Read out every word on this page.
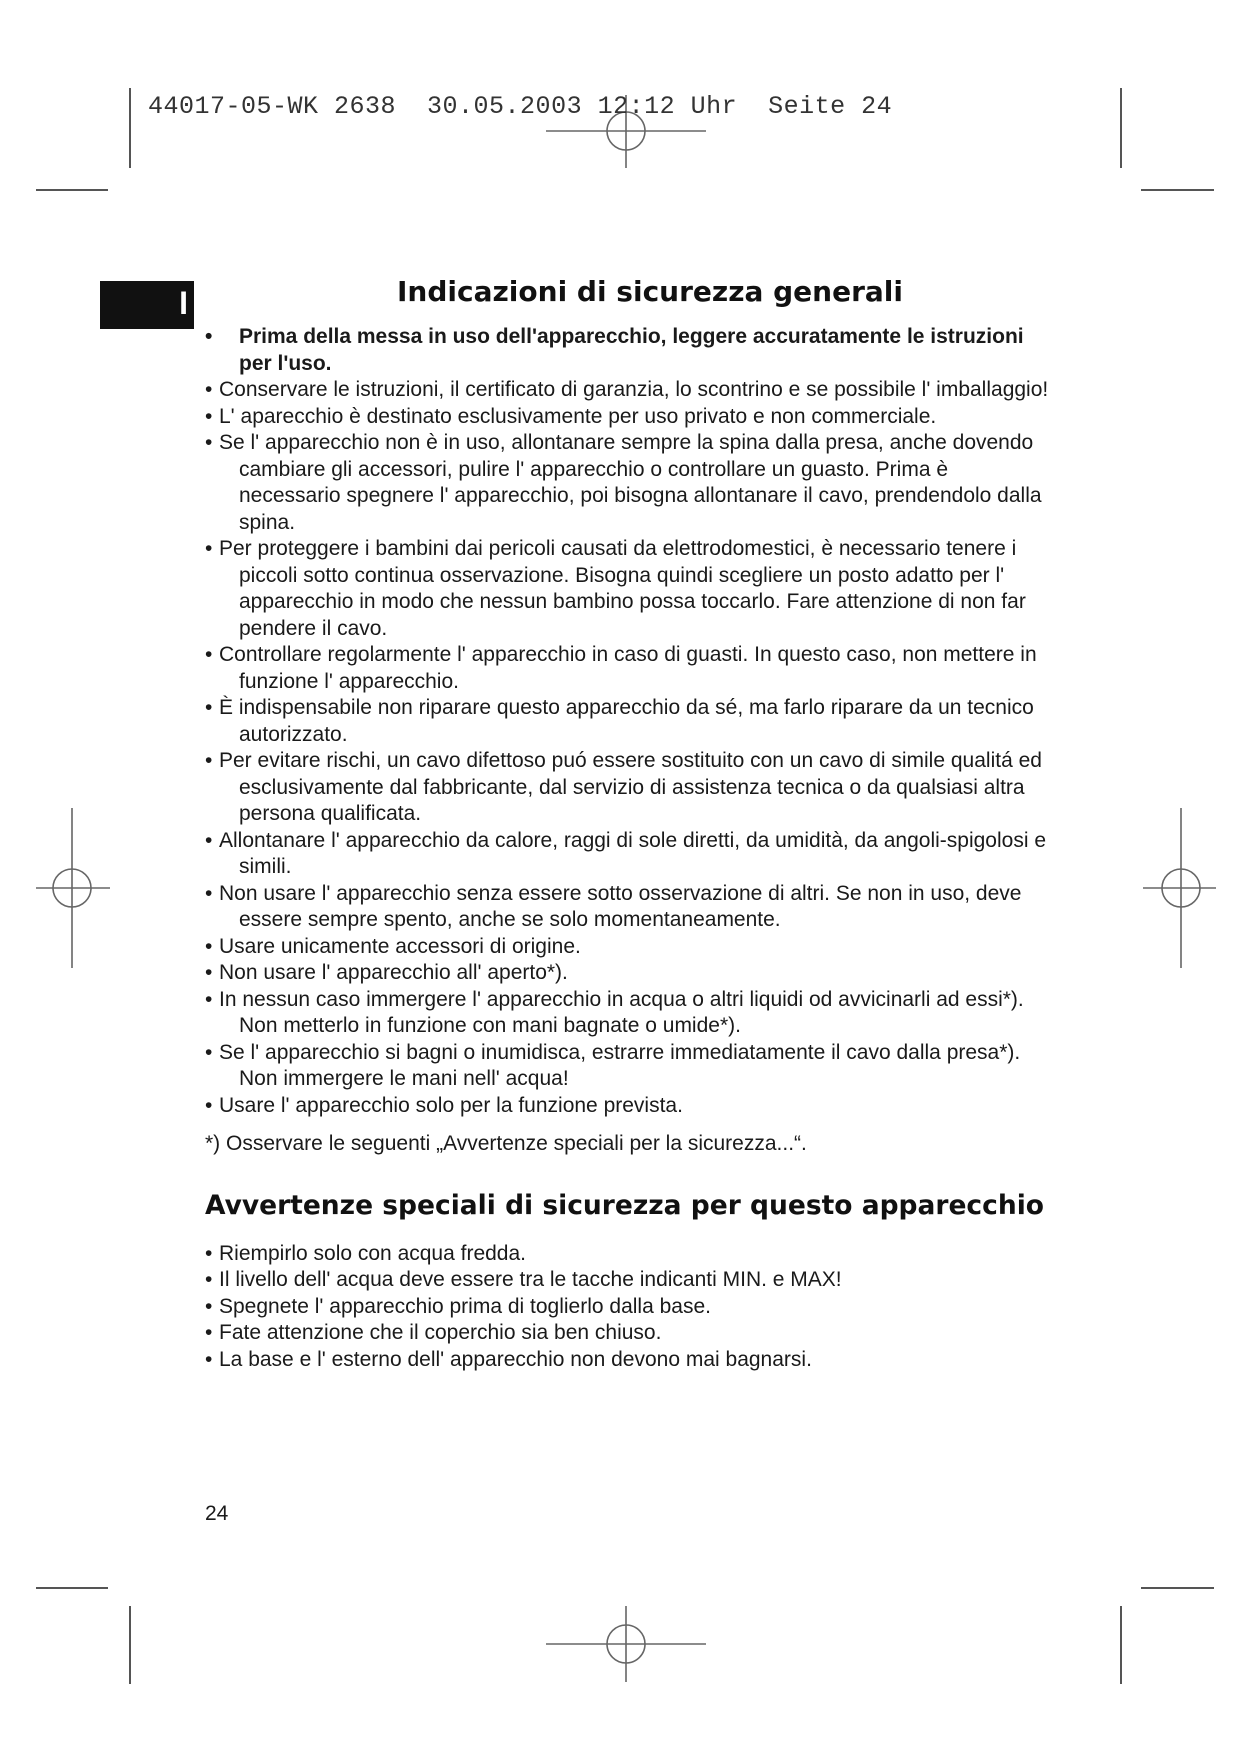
44017-05-WK 2638  30.05.2003 12:12 Uhr  Seite 24
I	Indicazioni di sicurezza generali
• Prima della messa in uso dell'apparecchio, leggere accuratamente le istruzioni per l'uso.
• Conservare le istruzioni, il certificato di garanzia, lo scontrino e se possibile l' imballaggio!
• L' aparecchio è destinato esclusivamente per uso privato e non commerciale.
• Se l' apparecchio non è in uso, allontanare sempre la spina dalla presa, anche dovendo cambiare gli accessori, pulire l' apparecchio o controllare un guasto. Prima è necessario spegnere l' apparecchio, poi bisogna allontanare il cavo, prendendolo dalla spina.
• Per proteggere i bambini dai pericoli causati da elettrodomestici, è necessario tenere i piccoli sotto continua osservazione. Bisogna quindi scegliere un posto adatto per l' apparecchio in modo che nessun bambino possa toccarlo. Fare attenzione di non far pendere il cavo.
• Controllare regolarmente l' apparecchio in caso di guasti. In questo caso, non mettere in funzione l' apparecchio.
• È indispensabile non riparare questo apparecchio da sé, ma farlo riparare da un tecnico autorizzato.
• Per evitare rischi, un cavo difettoso puó essere sostituito con un cavo di simile qualitá ed esclusivamente dal fabbricante, dal servizio di assistenza tecnica o da qualsiasi altra persona qualificata.
• Allontanare l' apparecchio da calore, raggi di sole diretti, da umidità, da angoli-spigolosi e simili.
• Non usare l' apparecchio senza essere sotto osservazione di altri. Se non in uso, deve essere sempre spento, anche se solo momentaneamente.
• Usare unicamente accessori di origine.
• Non usare l' apparecchio all' aperto*).
• In nessun caso immergere l' apparecchio in acqua o altri liquidi od avvicinarli ad essi*). Non metterlo in funzione con mani bagnate o umide*).
• Se l' apparecchio si bagni o inumidisca, estrarre immediatamente il cavo dalla presa*). Non immergere le mani nell' acqua!
• Usare l' apparecchio solo per la funzione prevista.
*) Osservare le seguenti „Avvertenze speciali per la sicurezza...“.
Avvertenze speciali di sicurezza per questo apparecchio
• Riempirlo solo con acqua fredda.
• Il livello dell' acqua deve essere tra le tacche indicanti MIN. e MAX!
• Spegnete l' apparecchio prima di toglierlo dalla base.
• Fate attenzione che il coperchio sia ben chiuso.
• La base e l' esterno dell' apparecchio non devono mai bagnarsi.
24
